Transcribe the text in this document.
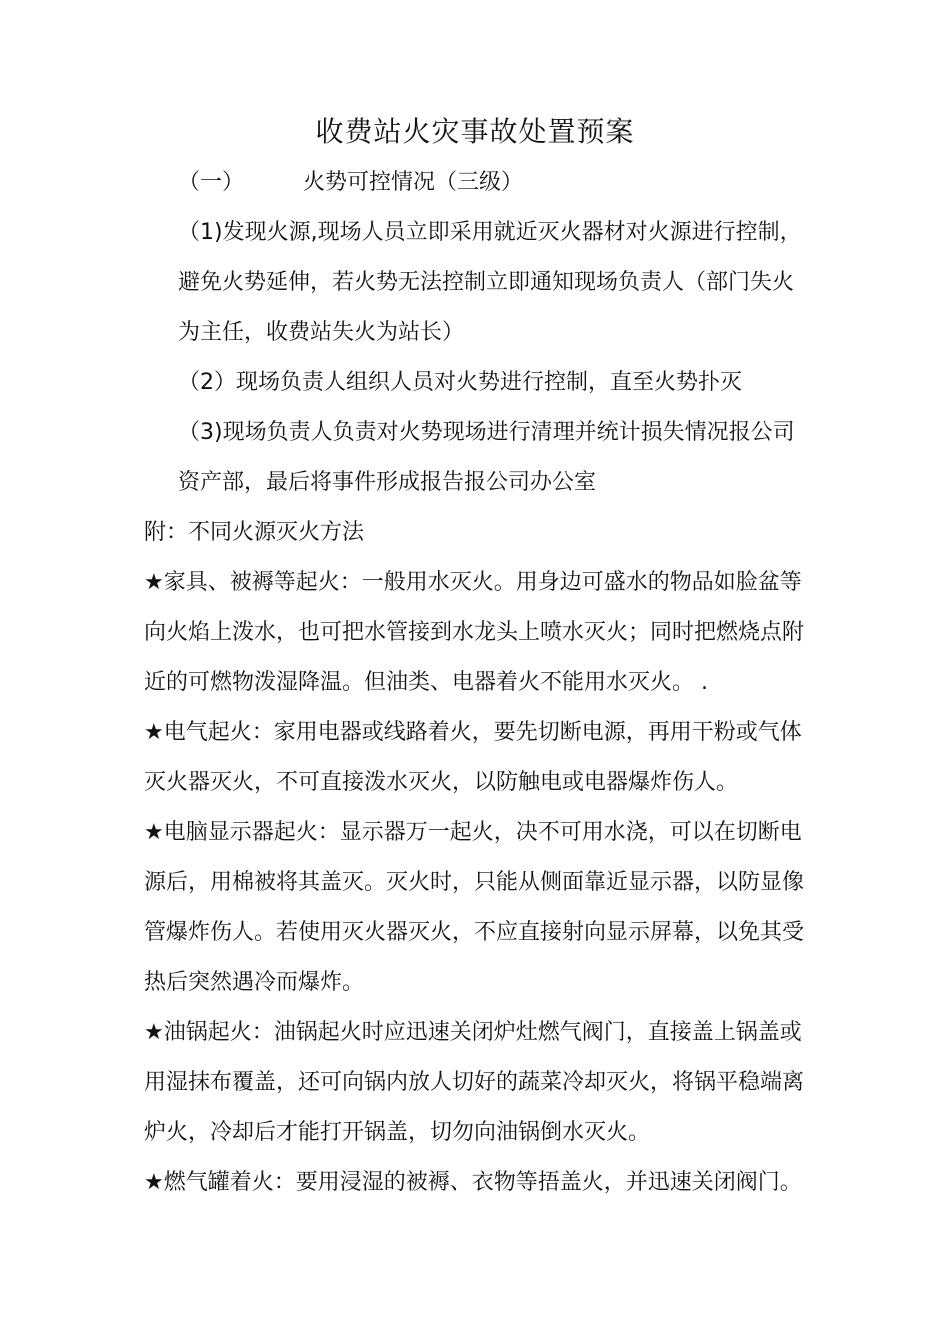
收费站火灾事故处置预案
（一）	火势可控情况（三级）
（1)发现火源,现场人员立即采用就近灭火器材对火源进行控制，
避免火势延伸，若火势无法控制立即通知现场负责人（部门失火
为主任，收费站失火为站长）
（2）现场负责人组织人员对火势进行控制，直至火势扑灭
（3)现场负责人负责对火势现场进行清理并统计损失情况报公司
资产部，最后将事件形成报告报公司办公室
附：不同火源灭火方法
★家具、被褥等起火：一般用水灭火。用身边可盛水的物品如脸盆等
向火焰上泼水，也可把水管接到水龙头上喷水灭火；同时把燃烧点附
近的可燃物泼湿降温。但油类、电器着火不能用水灭火。 .
★电气起火：家用电器或线路着火，要先切断电源，再用干粉或气体
灭火器灭火，不可直接泼水灭火，以防触电或电器爆炸伤人。
★电脑显示器起火：显示器万一起火，决不可用水浇，可以在切断电
源后，用棉被将其盖灭。灭火时，只能从侧面靠近显示器，以防显像
管爆炸伤人。若使用灭火器灭火，不应直接射向显示屏幕，以免其受
热后突然遇冷而爆炸。
★油锅起火：油锅起火时应迅速关闭炉灶燃气阀门，直接盖上锅盖或
用湿抹布覆盖，还可向锅内放人切好的蔬菜冷却灭火，将锅平稳端离
炉火，冷却后才能打开锅盖，切勿向油锅倒水灭火。
★燃气罐着火：要用浸湿的被褥、衣物等捂盖火，并迅速关闭阀门。
